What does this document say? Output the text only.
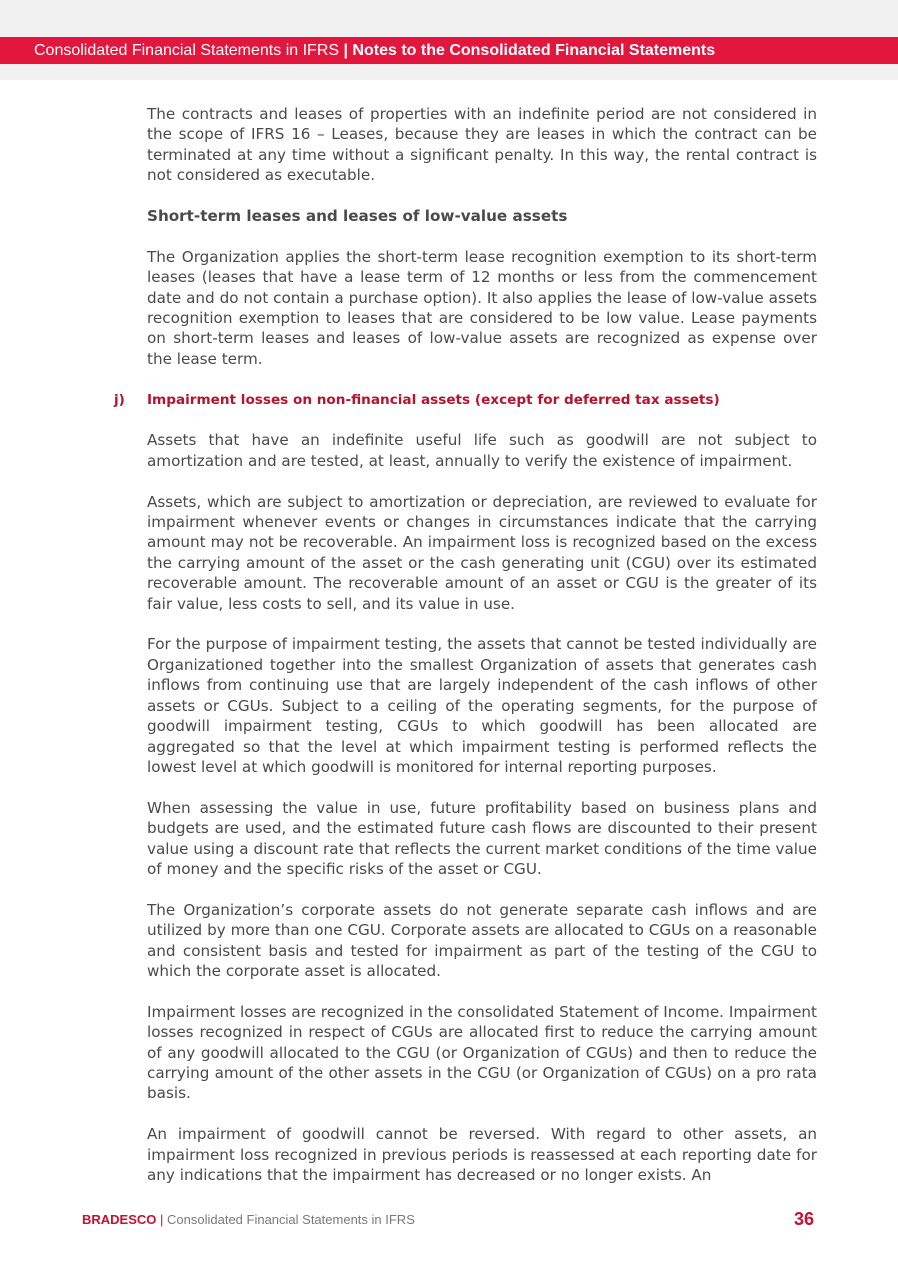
Consolidated Financial Statements in IFRS | Notes to the Consolidated Financial Statements

The contracts and leases of properties with an indefinite period are not considered in the scope of IFRS 16 – Leases, because they are leases in which the contract can be terminated at any time without a significant penalty. In this way, the rental contract is not considered as executable.

Short-term leases and leases of low-value assets

The Organization applies the short-term lease recognition exemption to its short-term leases (leases that have a lease term of 12 months or less from the commencement date and do not contain a purchase option). It also applies the lease of low-value assets recognition exemption to leases that are considered to be low value. Lease payments on short-term leases and leases of low-value assets are recognized as expense over the lease term.

j) Impairment losses on non-financial assets (except for deferred tax assets)

Assets that have an indefinite useful life such as goodwill are not subject to amortization and are tested, at least, annually to verify the existence of impairment.

Assets, which are subject to amortization or depreciation, are reviewed to evaluate for impairment whenever events or changes in circumstances indicate that the carrying amount may not be recoverable. An impairment loss is recognized based on the excess the carrying amount of the asset or the cash generating unit (CGU) over its estimated recoverable amount. The recoverable amount of an asset or CGU is the greater of its fair value, less costs to sell, and its value in use.

For the purpose of impairment testing, the assets that cannot be tested individually are Organizationed together into the smallest Organization of assets that generates cash inflows from continuing use that are largely independent of the cash inflows of other assets or CGUs. Subject to a ceiling of the operating segments, for the purpose of goodwill impairment testing, CGUs to which goodwill has been allocated are aggregated so that the level at which impairment testing is performed reflects the lowest level at which goodwill is monitored for internal reporting purposes.

When assessing the value in use, future profitability based on business plans and budgets are used, and the estimated future cash flows are discounted to their present value using a discount rate that reflects the current market conditions of the time value of money and the specific risks of the asset or CGU.

The Organization’s corporate assets do not generate separate cash inflows and are utilized by more than one CGU. Corporate assets are allocated to CGUs on a reasonable and consistent basis and tested for impairment as part of the testing of the CGU to which the corporate asset is allocated.

Impairment losses are recognized in the consolidated Statement of Income. Impairment losses recognized in respect of CGUs are allocated first to reduce the carrying amount of any goodwill allocated to the CGU (or Organization of CGUs) and then to reduce the carrying amount of the other assets in the CGU (or Organization of CGUs) on a pro rata basis.

An impairment of goodwill cannot be reversed. With regard to other assets, an impairment loss recognized in previous periods is reassessed at each reporting date for any indications that the impairment has decreased or no longer exists. An

BRADESCO | Consolidated Financial Statements in IFRS	36
